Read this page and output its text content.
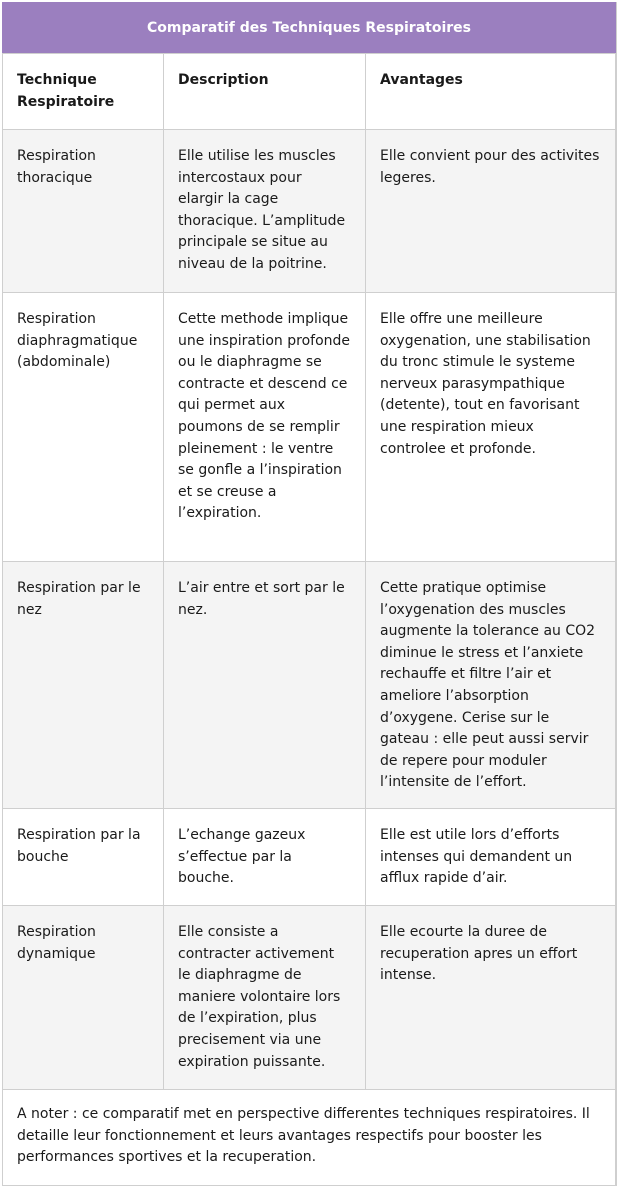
Comparatif des Techniques Respiratoires
Technique Respiratoire	Description	Avantages
Respiration thoracique	Elle utilise les muscles intercostaux pour elargir la cage thoracique. L’amplitude principale se situe au niveau de la poitrine.	Elle convient pour des activites legeres.
Respiration diaphragmatique (abdominale)	Cette methode implique une inspiration profonde ou le diaphragme se contracte et descend ce qui permet aux poumons de se remplir pleinement : le ventre se gonfle a l’inspiration et se creuse a l’expiration.	Elle offre une meilleure oxygenation, une stabilisation du tronc stimule le systeme nerveux parasympathique (detente), tout en favorisant une respiration mieux controlee et profonde.
Respiration par le nez	L’air entre et sort par le nez.	Cette pratique optimise l’oxygenation des muscles augmente la tolerance au CO2 diminue le stress et l’anxiete rechauffe et filtre l’air et ameliore l’absorption d’oxygene. Cerise sur le gateau : elle peut aussi servir de repere pour moduler l’intensite de l’effort.
Respiration par la bouche	L’echange gazeux s’effectue par la bouche.	Elle est utile lors d’efforts intenses qui demandent un afflux rapide d’air.
Respiration dynamique	Elle consiste a contracter activement le diaphragme de maniere volontaire lors de l’expiration, plus precisement via une expiration puissante.	Elle ecourte la duree de recuperation apres un effort intense.
A noter : ce comparatif met en perspective differentes techniques respiratoires. Il detaille leur fonctionnement et leurs avantages respectifs pour booster les performances sportives et la recuperation.
